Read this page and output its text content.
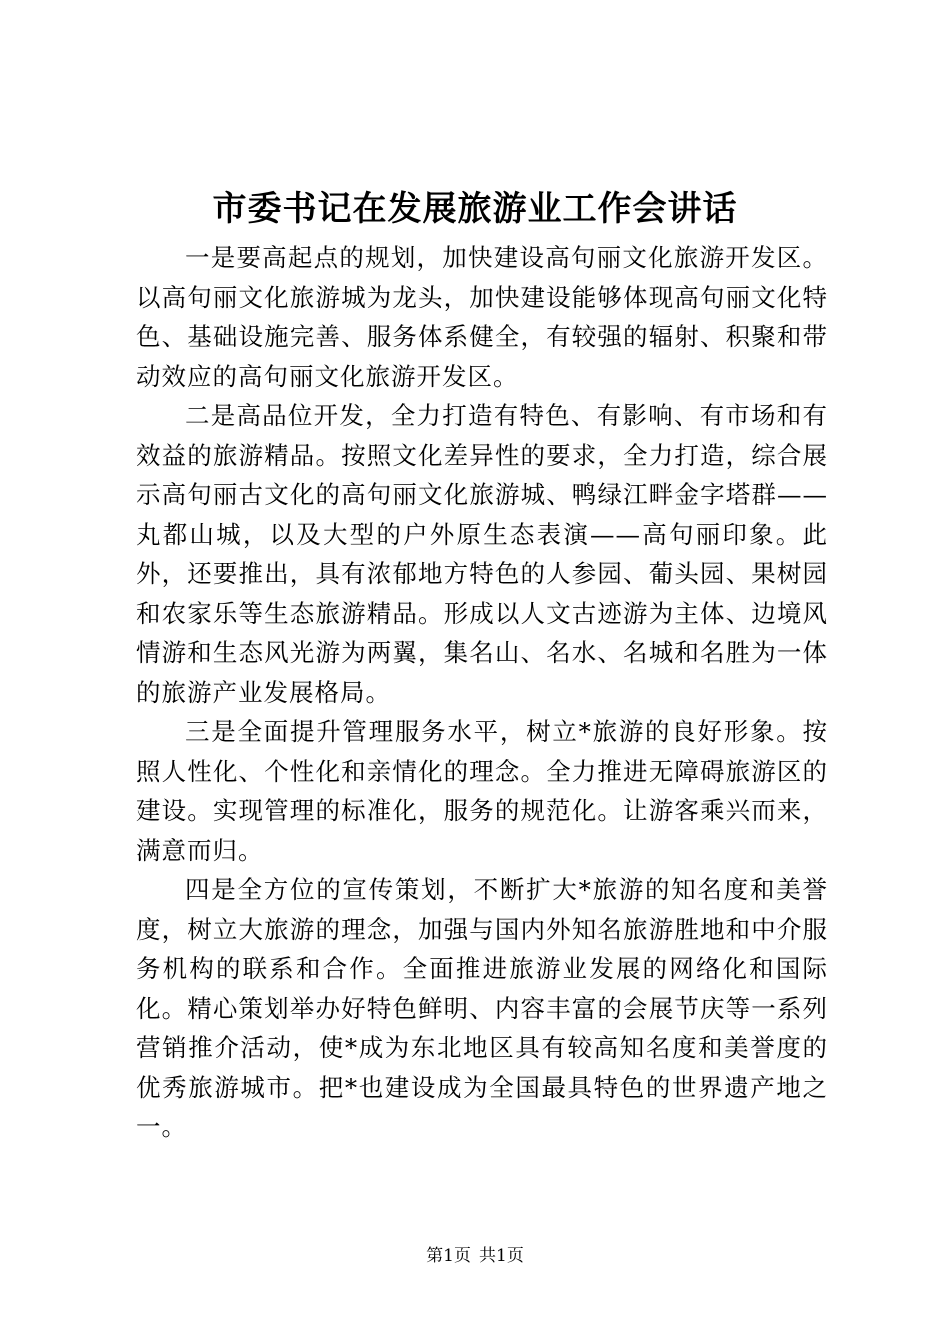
市委书记在发展旅游业工作会讲话

一是要高起点的规划，加快建设高句丽文化旅游开发区。以高句丽文化旅游城为龙头，加快建设能够体现高句丽文化特色、基础设施完善、服务体系健全，有较强的辐射、积聚和带动效应的高句丽文化旅游开发区。

二是高品位开发，全力打造有特色、有影响、有市场和有效益的旅游精品。按照文化差异性的要求，全力打造，综合展示高句丽古文化的高句丽文化旅游城、鸭绿江畔金字塔群——丸都山城，以及大型的户外原生态表演——高句丽印象。此外，还要推出，具有浓郁地方特色的人参园、葡头园、果树园和农家乐等生态旅游精品。形成以人文古迹游为主体、边境风情游和生态风光游为两翼，集名山、名水、名城和名胜为一体的旅游产业发展格局。

三是全面提升管理服务水平，树立*旅游的良好形象。按照人性化、个性化和亲情化的理念。全力推进无障碍旅游区的建设。实现管理的标准化，服务的规范化。让游客乘兴而来，满意而归。

四是全方位的宣传策划，不断扩大*旅游的知名度和美誉度，树立大旅游的理念，加强与国内外知名旅游胜地和中介服务机构的联系和合作。全面推进旅游业发展的网络化和国际化。精心策划举办好特色鲜明、内容丰富的会展节庆等一系列营销推介活动，使*成为东北地区具有较高知名度和美誉度的优秀旅游城市。把*也建设成为全国最具特色的世界遗产地之一。

第1页 共1页
